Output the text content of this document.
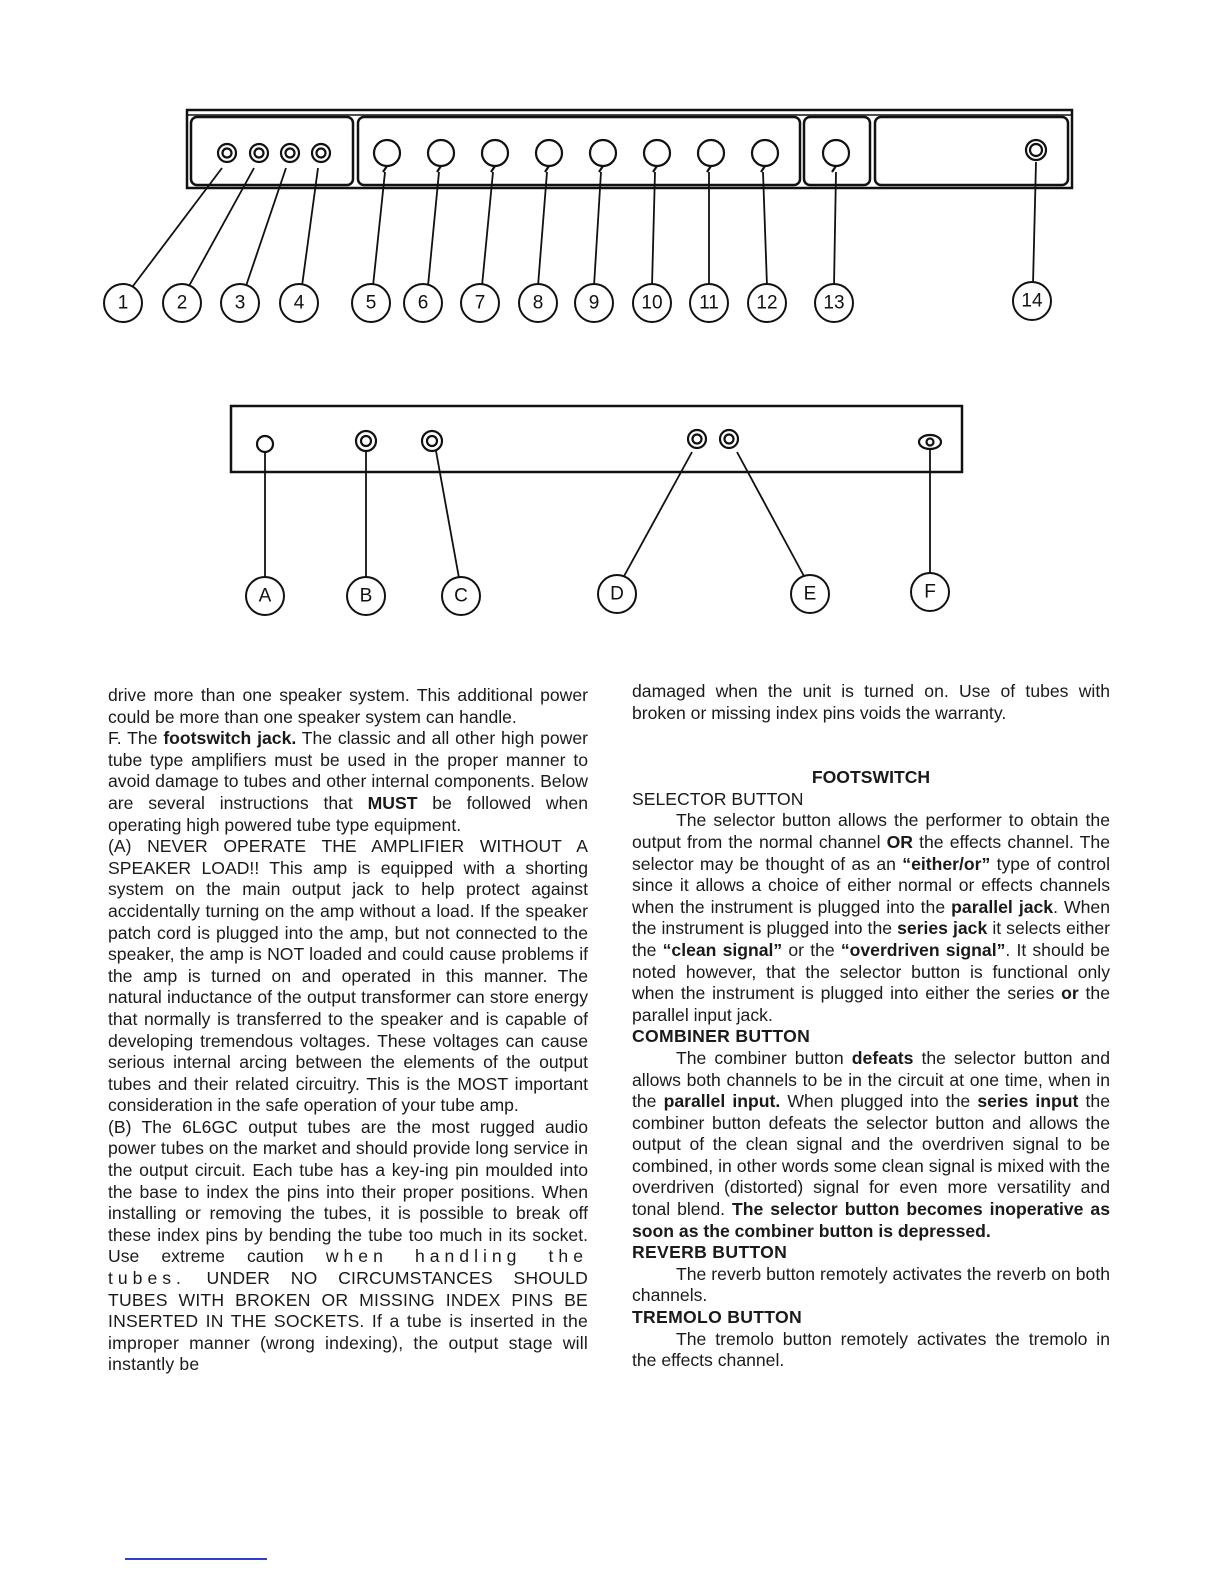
1	2 3	4	5 6 7 8 9 10 11 12 13	14
A	B	C	D	E	F

drive more than one speaker system. This additional power could be more than one speaker system can handle.

F. The footswitch jack. The classic and all other high power tube type amplifiers must be used in the proper manner to avoid damage to tubes and other internal components. Below are several instructions that MUST be followed when operating high powered tube type equipment.

(A) NEVER OPERATE THE AMPLIFIER WITHOUT A SPEAKER LOAD!! This amp is equipped with a shorting system on the main output jack to help protect against accidentally turning on the amp without a load. If the speaker patch cord is plugged into the amp, but not connected to the speaker, the amp is NOT loaded and could cause problems if the amp is turned on and operated in this manner. The natural inductance of the output transformer can store energy that normally is transferred to the speaker and is capable of developing tremendous voltages. These voltages can cause serious internal arcing between the elements of the output tubes and their related circuitry. This is the MOST important consideration in the safe operation of your tube amp.

(B) The 6L6GC output tubes are the most rugged audio power tubes on the market and should provide long service in the output circuit. Each tube has a key-ing pin moulded into the base to index the pins into their proper positions. When installing or removing the tubes, it is possible to break off these index pins by bending the tube too much in its socket. Use extreme caution when handling the tubes. UNDER NO CIRCUMSTANCES SHOULD TUBES WITH BROKEN OR MISSING INDEX PINS BE INSERTED IN THE SOCKETS. If a tube is inserted in the improper manner (wrong indexing), the output stage will instantly be

damaged when the unit is turned on. Use of tubes with broken or missing index pins voids the warranty.

FOOTSWITCH

SELECTOR BUTTON

The selector button allows the performer to obtain the output from the normal channel OR the effects channel. The selector may be thought of as an “either/or” type of control since it allows a choice of either normal or effects channels when the instrument is plugged into the parallel jack. When the instrument is plugged into the series jack it selects either the “clean signal” or the “overdriven signal”. It should be noted however, that the selector button is functional only when the instrument is plugged into either the series or the parallel input jack.

COMBINER BUTTON

The combiner button defeats the selector button and allows both channels to be in the circuit at one time, when in the parallel input. When plugged into the series input the combiner button defeats the selector button and allows the output of the clean signal and the overdriven signal to be combined, in other words some clean signal is mixed with the overdriven (distorted) signal for even more versatility and tonal blend. The selector button becomes inoperative as soon as the combiner button is depressed.

REVERB BUTTON

The reverb button remotely activates the reverb on both channels.

TREMOLO BUTTON

The tremolo button remotely activates the tremolo in the effects channel.
